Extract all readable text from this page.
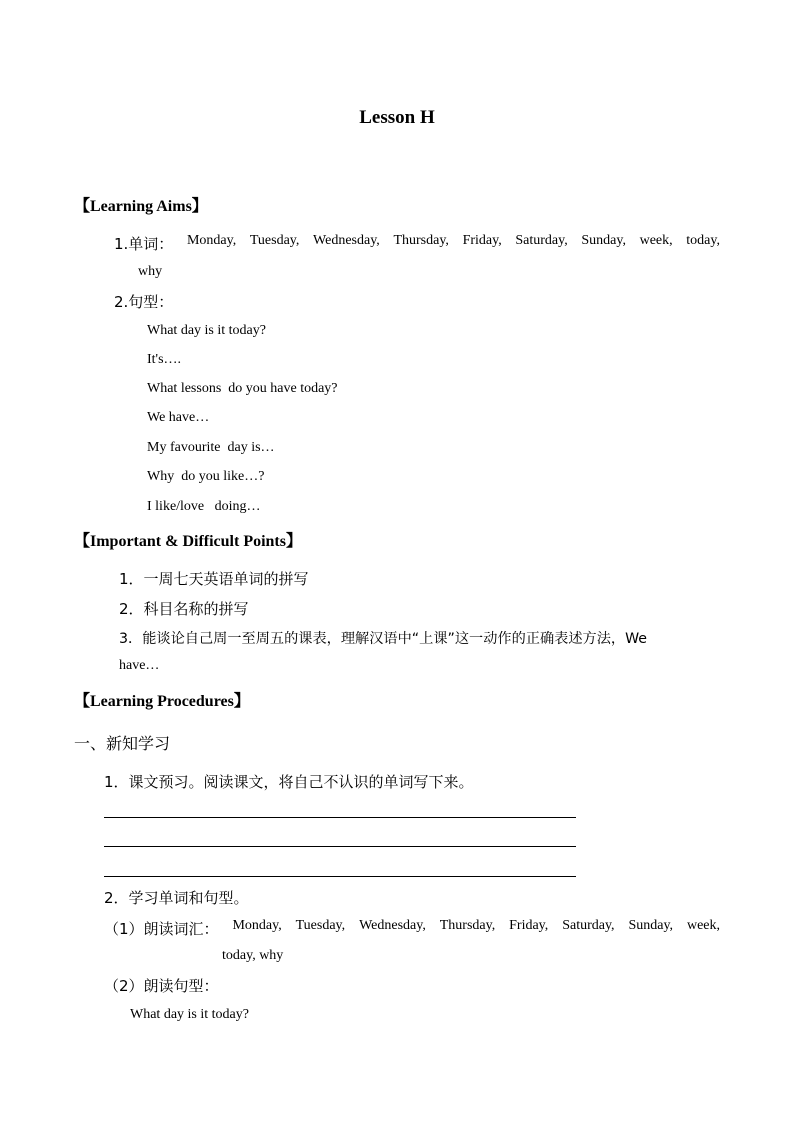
Lesson H
【Learning Aims】
1.单词： Monday, Tuesday, Wednesday, Thursday, Friday, Saturday, Sunday, week, today,
why
2.句型：
What day is it today?
It's….
What lessons  do you have today?
We have…
My favourite  day is…
Why  do you like…?
I like/love   doing…
【Important & Difficult Points】
1．一周七天英语单词的拼写
2．科目名称的拼写
3．能谈论自己周一至周五的课表，理解汉语中“上课”这一动作的正确表述方法，We
have…
【Learning Procedures】
一、新知学习
1．课文预习。阅读课文，将自己不认识的单词写下来。
2．学习单词和句型。
（1）朗读词汇： Monday, Tuesday, Wednesday, Thursday, Friday, Saturday, Sunday, week,
today, why
（2）朗读句型：
What day is it today?
